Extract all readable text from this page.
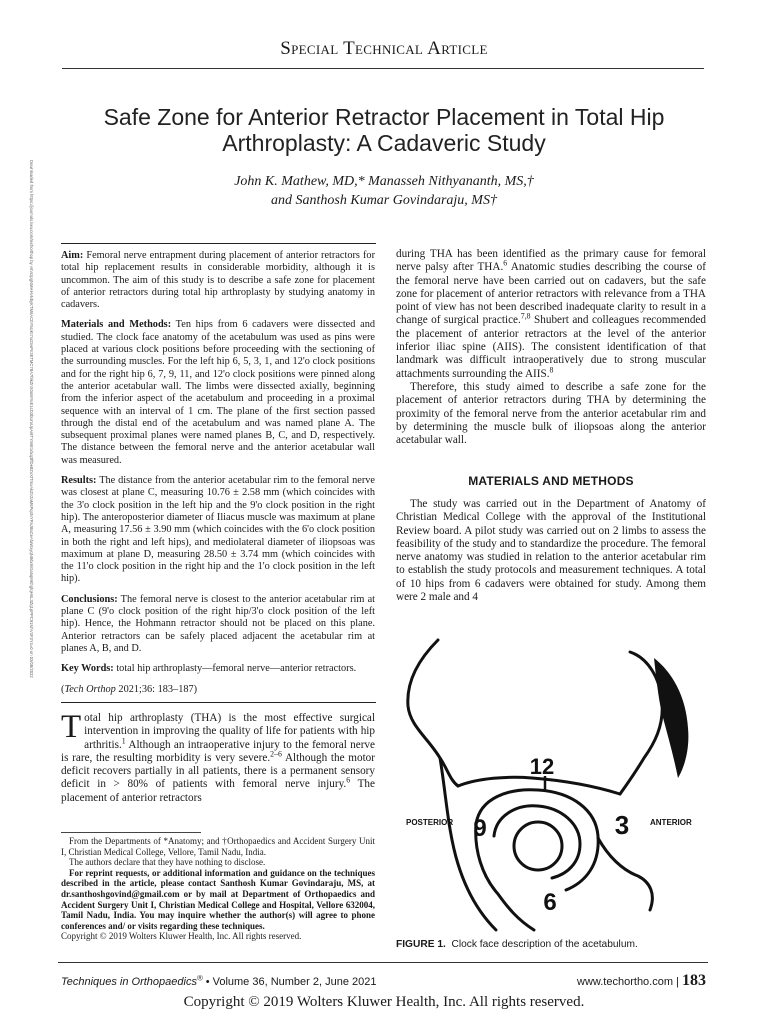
Special Technical Article
Downloaded from https://journals.lww.com/techorthop by v6VcIpgNMHHvNbyKTM6AC0Y5ciKI7xcDwPn3ETMC78A7f9kZnX0oMYuE1cD3bUmUpAi9TYm8r1dxq3ffDe8ZuXtTmxAkZn2aM6Pq4NYPaJ8aCeAfaWxyqN8dx9/Ga5qMKhgfqH6L3Zq1pPPC91NhV4F3Y4=0 on 03/08/2022
Safe Zone for Anterior Retractor Placement in Total Hip
Arthroplasty: A Cadaveric Study
John K. Mathew, MD,* Manasseh Nithyananth, MS,†
and Santhosh Kumar Govindaraju, MS†

Aim: Femoral nerve entrapment during placement of anterior retractors for total hip replacement results in considerable morbidity, although it is uncommon. The aim of this study is to describe a safe zone for placement of anterior retractors during total hip arthroplasty by studying anatomy in cadavers.

Materials and Methods: Ten hips from 6 cadavers were dissected and studied. The clock face anatomy of the acetabulum was used as pins were placed at various clock positions before proceeding with the sectioning of the surrounding muscles. For the left hip 6, 5, 3, 1, and 12'o clock positions and for the right hip 6, 7, 9, 11, and 12'o clock positions were pinned along the anterior acetabular wall. The limbs were dissected axially, beginning from the inferior aspect of the acetabulum and proceeding in a proximal sequence with an interval of 1 cm. The plane of the first section passed through the distal end of the acetabulum and was named plane A. The subsequent proximal planes were named planes B, C, and D, respectively. The distance between the femoral nerve and the anterior acetabular wall was measured.

Results: The distance from the anterior acetabular rim to the femoral nerve was closest at plane C, measuring 10.76 ± 2.58 mm (which coincides with the 3'o clock position in the left hip and the 9'o clock position in the right hip). The anteroposterior diameter of Iliacus muscle was maximum at plane A, measuring 17.56 ± 3.90 mm (which coincides with the 6'o clock position in both the right and left hips), and mediolateral diameter of iliopsoas was maximum at plane D, measuring 28.50 ± 3.74 mm (which coincides with the 11'o clock position in the right hip and the 1'o clock position in the left hip).

Conclusions: The femoral nerve is closest to the anterior acetabular rim at plane C (9'o clock position of the right hip/3'o clock position of the left hip). Hence, the Hohmann retractor should not be placed on this plane. Anterior retractors can be safely placed adjacent the acetabular rim at planes A, B, and D.

Key Words: total hip arthroplasty—femoral nerve—anterior retractors.

(Tech Orthop 2021;36: 183–187)

Total hip arthroplasty (THA) is the most effective surgical intervention in improving the quality of life for patients with hip arthritis.$^1$ Although an intraoperative injury to the femoral nerve is rare, the resulting morbidity is very severe.$^{2-6}$ Although the motor deficit recovers partially in all patients, there is a permanent sensory deficit in > 80% of patients with femoral nerve injury.$^6$ The placement of anterior retractors

From the Departments of *Anatomy; and †Orthopaedics and Accident Surgery Unit I, Christian Medical College, Vellore, Tamil Nadu, India.

The authors declare that they have nothing to disclose.

For reprint requests, or additional information and guidance on the techniques described in the article, please contact Santhosh Kumar Govindaraju, MS, at dr.santhoshgovind@gmail.com or by mail at Department of Orthopaedics and Accident Surgery Unit I, Christian Medical College and Hospital, Vellore 632004, Tamil Nadu, India. You may inquire whether the author(s) will agree to phone conferences and/ or visits regarding these techniques.

Copyright © 2019 Wolters Kluwer Health, Inc. All rights reserved.

during THA has been identified as the primary cause for femoral nerve palsy after THA.$^6$ Anatomic studies describing the course of the femoral nerve have been carried out on cadavers, but the safe zone for placement of anterior retractors with relevance from a THA point of view has not been described inadequate clarity to result in a change of surgical practice.$^{7,8}$ Shubert and colleagues recommended the placement of anterior retractors at the level of the anterior inferior iliac spine (AIIS). The consistent identification of that landmark was difficult intraoperatively due to strong muscular attachments surrounding the AIIS.$^8$

Therefore, this study aimed to describe a safe zone for the placement of anterior retractors during THA by determining the proximity of the femoral nerve from the anterior acetabular rim and by determining the muscle bulk of iliopsoas along the anterior acetabular wall.

MATERIALS AND METHODS

The study was carried out in the Department of Anatomy of Christian Medical College with the approval of the Institutional Review board. A pilot study was carried out on 2 limbs to assess the feasibility of the study and to standardize the procedure. The femoral nerve anatomy was studied in relation to the anterior acetabular rim to establish the study protocols and measurement techniques. A total of 10 hips from 6 cadavers were obtained for study. Among them were 2 male and 4

12
9	3
6
POSTERIOR	ANTERIOR
FIGURE 1. Clock face description of the acetabulum.
Techniques in Orthopaedics® • Volume 36, Number 2, June 2021	www.techortho.com | 183
Copyright © 2019 Wolters Kluwer Health, Inc. All rights reserved.
